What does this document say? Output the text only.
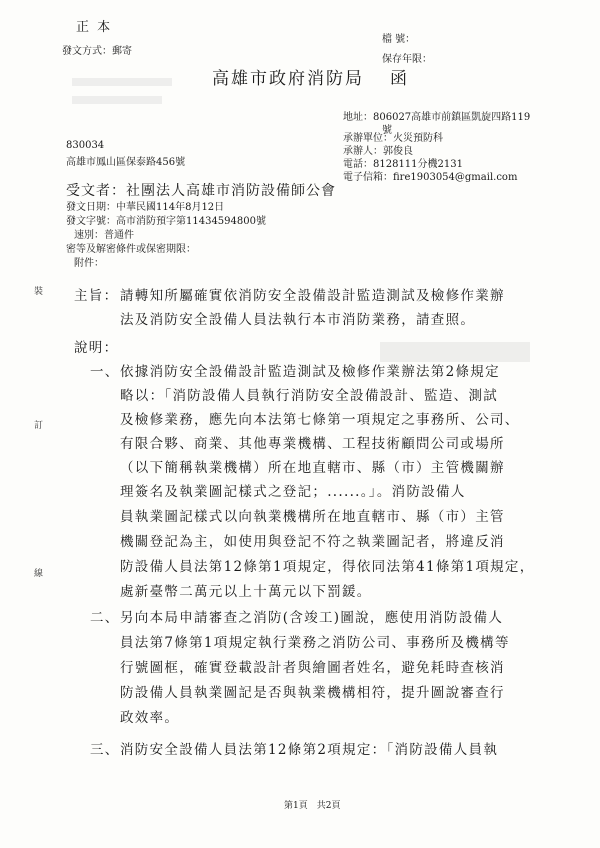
正 本
發文方式：郵寄
檔 號：
保存年限：
高雄市政府消防局 函
地址：806027高雄市前鎮區凱旋四路119
號
承辦單位：火災預防科
承辦人：郭俊良
電話：8128111分機2131
電子信箱：fire1903054@gmail.com
830034
高雄市鳳山區保泰路456號
受文者：社團法人高雄市消防設備師公會
發文日期：中華民國114年8月12日
發文字號：高市消防預字第11434594800號
速別：普通件
密等及解密條件或保密期限：
附件：
裝
訂
線
主旨： 請轉知所屬確實依消防安全設備設計監造測試及檢修作業辦
法及消防安全設備人員法執行本市消防業務，請查照。
說明：
一、 依據消防安全設備設計監造測試及檢修作業辦法第2條規定
略以：「消防設備人員執行消防安全設備設計、監造、測試
及檢修業務，應先向本法第七條第一項規定之事務所、公司、
有限合夥、商業、其他專業機構、工程技術顧問公司或場所
（以下簡稱執業機構）所在地直轄市、縣（市）主管機關辦
理簽名及執業圖記樣式之登記；......。」。消防設備人
員執業圖記樣式以向執業機構所在地直轄市、縣（市）主管
機關登記為主，如使用與登記不符之執業圖記者，將違反消
防設備人員法第12條第1項規定，得依同法第41條第1項規定，
處新臺幣二萬元以上十萬元以下罰鍰。
二、 另向本局申請審查之消防(含竣工)圖說，應使用消防設備人
員法第7條第1項規定執行業務之消防公司、事務所及機構等
行號圖框，確實登載設計者與繪圖者姓名，避免耗時查核消
防設備人員執業圖記是否與執業機構相符，提升圖說審查行
政效率。
三、 消防安全設備人員法第12條第2項規定：「消防設備人員執
第1頁　共2頁
